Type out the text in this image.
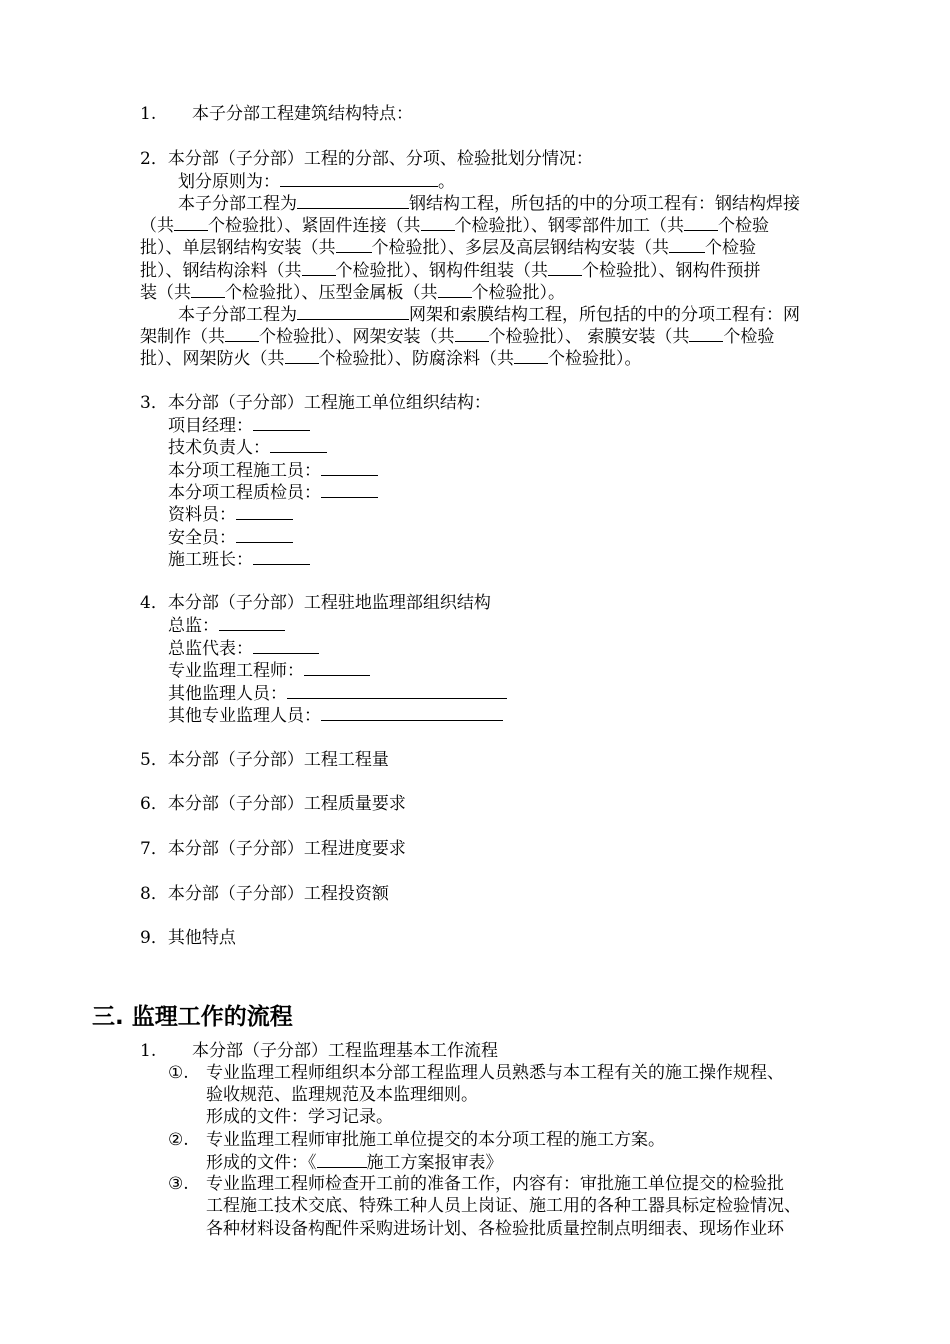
1. 本子分部工程建筑结构特点：
2．本分部（子分部）工程的分部、分项、检验批划分情况：
划分原则为：	。
本子分部工程为	钢结构工程，所包括的中的分项工程有：钢结构焊接
（共 个检验批）、紧固件连接（共 个检验批）、钢零部件加工（共 个检验
批）、单层钢结构安装（共 个检验批）、多层及高层钢结构安装（共 个检验
批）、钢结构涂料（共 个检验批）、钢构件组装（共 个检验批）、钢构件预拼
装（共 个检验批）、压型金属板（共 个检验批）。
本子分部工程为	网架和索膜结构工程，所包括的中的分项工程有：网
架制作（共 个检验批）、网架安装（共 个检验批）、 索膜安装（共 个检验
批）、网架防火（共 个检验批）、防腐涂料（共 个检验批）。
3．本分部（子分部）工程施工单位组织结构：
项目经理：
技术负责人：
本分项工程施工员：
本分项工程质检员：
资料员：
安全员：
施工班长：
4．本分部（子分部）工程驻地监理部组织结构
总监：
总监代表：
专业监理工程师：
其他监理人员：
其他专业监理人员：
5．本分部（子分部）工程工程量
6．本分部（子分部）工程质量要求
7．本分部（子分部）工程进度要求
8．本分部（子分部）工程投资额
9．其他特点
三. 监理工作的流程
1. 本分部（子分部）工程监理基本工作流程
①. 专业监理工程师组织本分部工程监理人员熟悉与本工程有关的施工操作规程、
验收规范、监理规范及本监理细则。
形成的文件：学习记录。
②. 专业监理工程师审批施工单位提交的本分项工程的施工方案。
形成的文件：《	施工方案报审表》
③. 专业监理工程师检查开工前的准备工作，内容有：审批施工单位提交的检验批
工程施工技术交底、特殊工种人员上岗证、施工用的各种工器具标定检验情况、
各种材料设备构配件采购进场计划、各检验批质量控制点明细表、现场作业环
